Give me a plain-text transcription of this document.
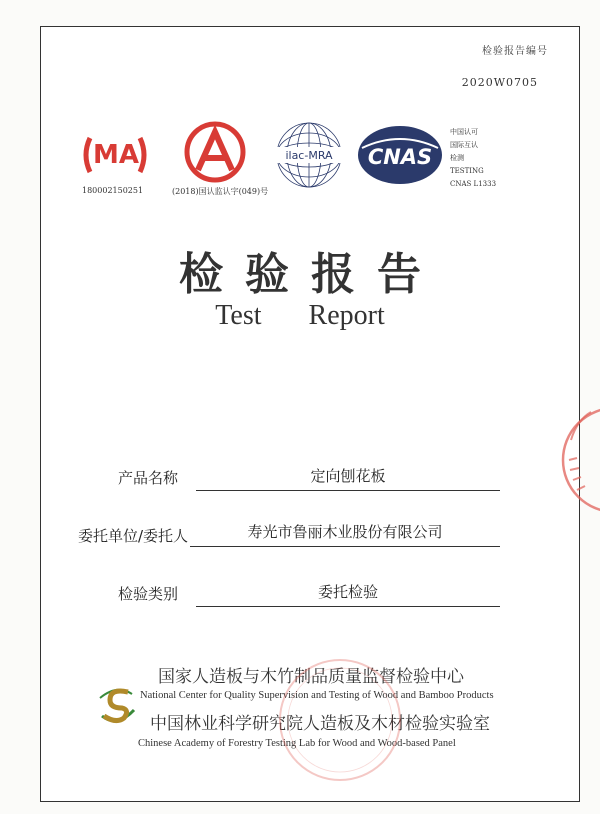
检验报告编号
2020W0705
MA
180002150251	(2018)国认监认字(049)号
ilac-MRA CNAS
中国认可
国际互认
检测
TESTING
CNAS L1333
检验报告
Test Report
产品名称	定向刨花板
委托单位/委托人	寿光市鲁丽木业股份有限公司
检验类别	委托检验
国家人造板与木竹制品质量监督检验中心
National Center for Quality Supervision and Testing of Wood and Bamboo Products
中国林业科学研究院人造板及木材检验实验室
Chinese Academy of Forestry Testing Lab for Wood and Wood-based Panel
